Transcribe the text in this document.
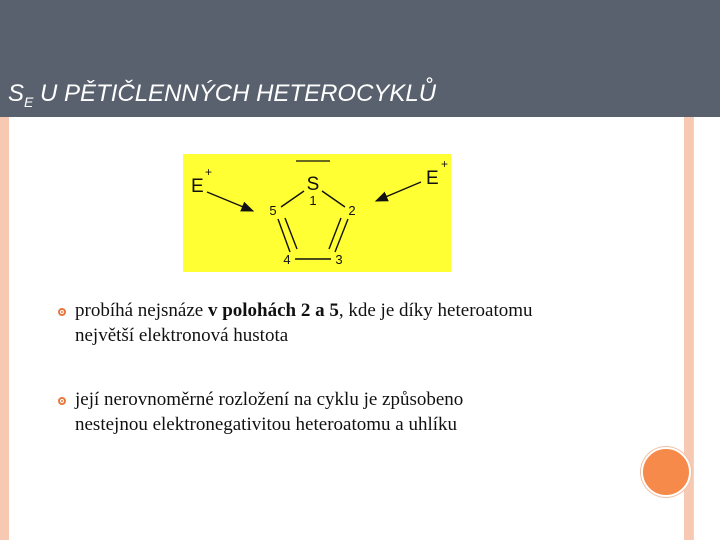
$S_E$ U PĚTIČLENNÝCH HETEROCYKLŮ
S
1
2
5
3
4
E
+	E
+
probíhá nejsnáze v polohách 2 a 5, kde je díky heteroatomu
největší elektronová hustota
její nerovnoměrné rozložení na cyklu je způsobeno
nestejnou elektronegativitou heteroatomu a uhlíku
